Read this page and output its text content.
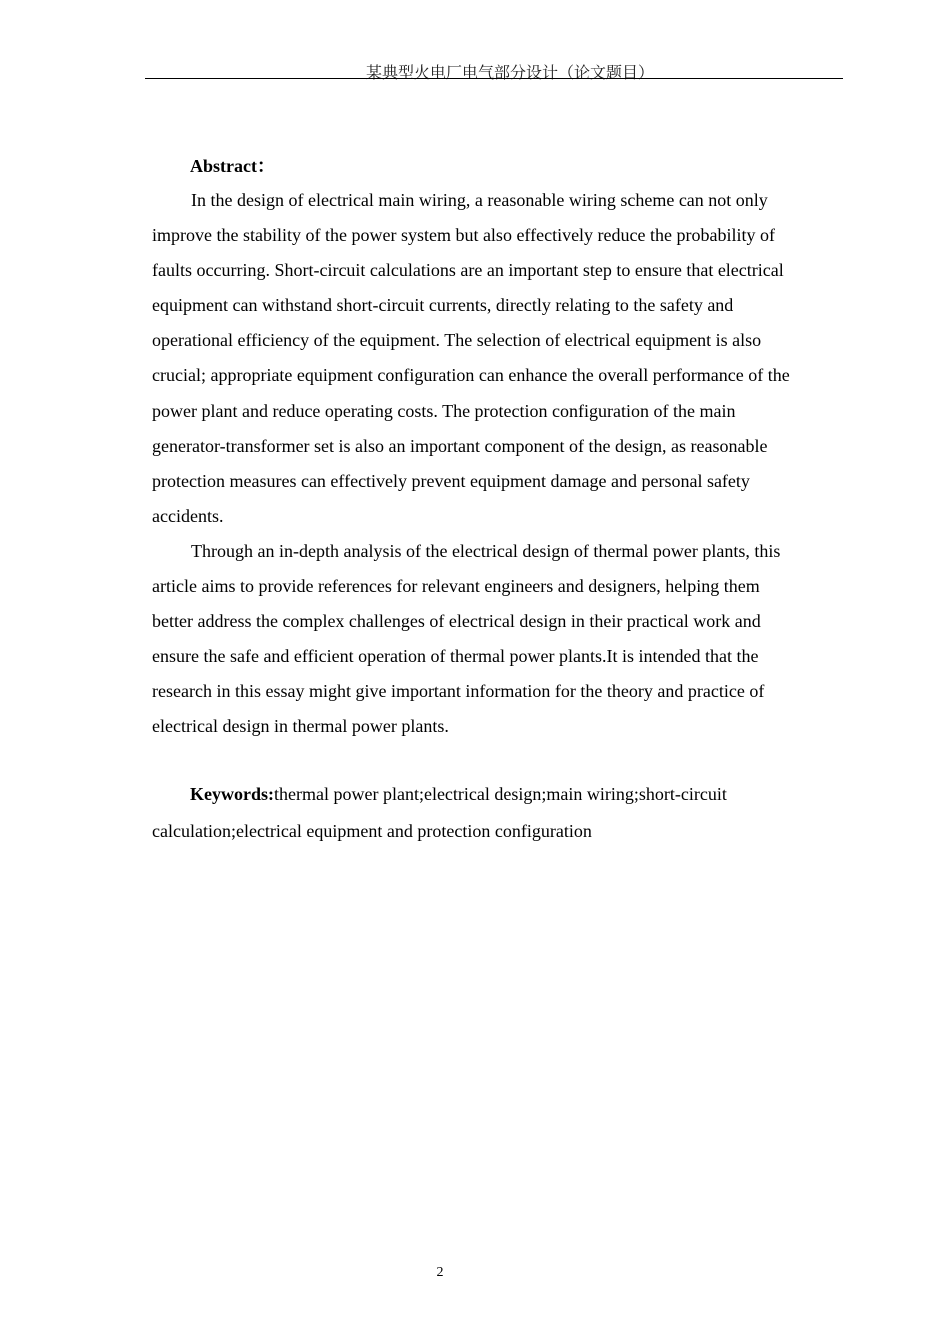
某典型火电厂电气部分设计（论文题目）
Abstract：
In the design of electrical main wiring, a reasonable wiring scheme can not only
improve the stability of the power system but also effectively reduce the probability of
faults occurring. Short-circuit calculations are an important step to ensure that electrical
equipment can withstand short-circuit currents, directly relating to the safety and
operational efficiency of the equipment. The selection of electrical equipment is also
crucial; appropriate equipment configuration can enhance the overall performance of the
power plant and reduce operating costs. The protection configuration of the main
generator-transformer set is also an important component of the design, as reasonable
protection measures can effectively prevent equipment damage and personal safety
accidents.
Through an in-depth analysis of the electrical design of thermal power plants, this
article aims to provide references for relevant engineers and designers, helping them
better address the complex challenges of electrical design in their practical work and
ensure the safe and efficient operation of thermal power plants.It is intended that the
research in this essay might give important information for the theory and practice of
electrical design in thermal power plants.
Keywords:thermal power plant;electrical design;main wiring;short-circuit
calculation;electrical equipment and protection configuration
2
